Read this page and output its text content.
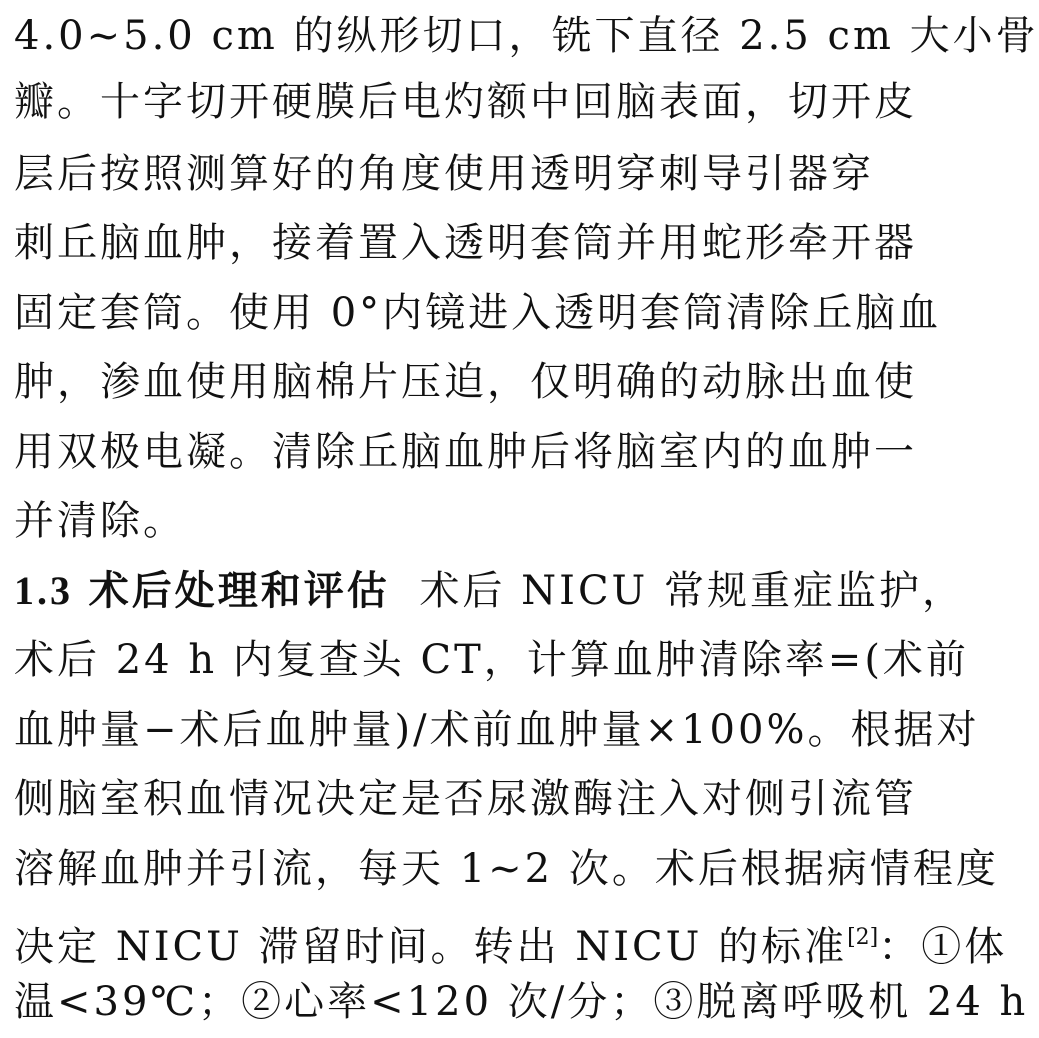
4.0~5.0 cm 的纵形切口，铣下直径 2.5 cm 大小骨
瓣。十字切开硬膜后电灼额中回脑表面，切开皮
层后按照测算好的角度使用透明穿刺导引器穿
刺丘脑血肿，接着置入透明套筒并用蛇形牵开器
固定套筒。使用 0°内镜进入透明套筒清除丘脑血
肿，渗血使用脑棉片压迫，仅明确的动脉出血使
用双极电凝。清除丘脑血肿后将脑室内的血肿一
并清除。
1.3 术后处理和评估 术后 NICU 常规重症监护，
术后 24 h 内复查头 CT，计算血肿清除率=(术前
血肿量−术后血肿量)/术前血肿量×100%。根据对
侧脑室积血情况决定是否尿激酶注入对侧引流管
溶解血肿并引流，每天 1~2 次。术后根据病情程度
决定 NICU 滞留时间。转出 NICU 的标准[2]：①体
温<39℃；②心率<120 次/分；③脱离呼吸机 24 h
